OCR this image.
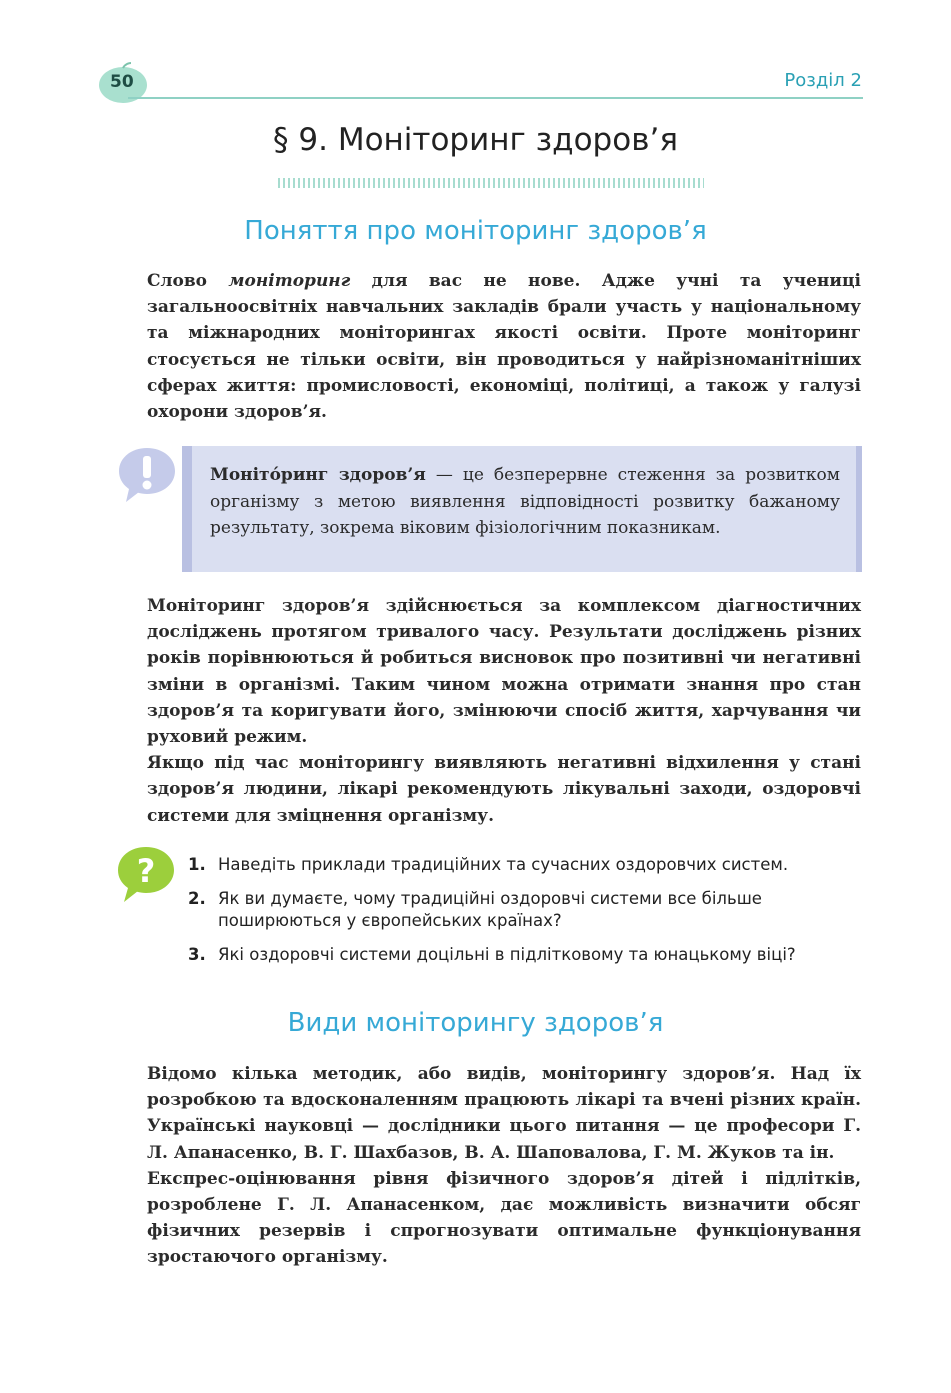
50	Розділ 2
§ 9. Моніторинг здоров’я
Поняття про моніторинг здоров’я

Слово моніторинг для вас не нове. Адже учні та учениці загальноосвітніх навчальних закладів брали участь у національному та міжнародних моніторингах якості освіти. Проте моніторинг стосується не тільки освіти, він проводиться у найрізноманітніших сферах життя: промисловості, економіці, політиці, а також у галузі охорони здоров’я.

Моніто́ринг здоров’я — це безперервне стеження за розвитком організму з метою виявлення відповідності розвитку бажаному результату, зокрема віковим фізіологічним показникам.

Моніторинг здоров’я здійснюється за комплексом діагностичних досліджень протягом тривалого часу. Результати досліджень різних років порівнюються й робиться висновок про позитивні чи негативні зміни в організмі. Таким чином можна отримати знання про стан здоров’я та коригувати його, змінюючи спосіб життя, харчування чи руховий режим.

Якщо під час моніторингу виявляють негативні відхилення у стані здоров’я людини, лікарі рекомендують лікувальні заходи, оздоровчі системи для зміцнення організму.

? 1. Наведіть приклади традиційних та сучасних оздоровчих систем.
2. Як ви думаєте, чому традиційні оздоровчі системи все більше поширюються у європейських країнах?
3. Які оздоровчі системи доцільні в підлітковому та юнацькому віці?
Види моніторингу здоров’я

Відомо кілька методик, або видів, моніторингу здоров’я. Над їх розробкою та вдосконаленням працюють лікарі та вчені різних країн. Українські науковці — дослідники цього питання — це професори Г. Л. Апанасенко, В. Г. Шахбазов, В. А. Шаповалова, Г. М. Жуков та ін.

Експрес-оцінювання рівня фізичного здоров’я дітей і підлітків, розроблене Г. Л. Апанасенком, дає можливість визначити обсяг фізичних резервів і спрогнозувати оптимальне функціонування зростаючого організму.
